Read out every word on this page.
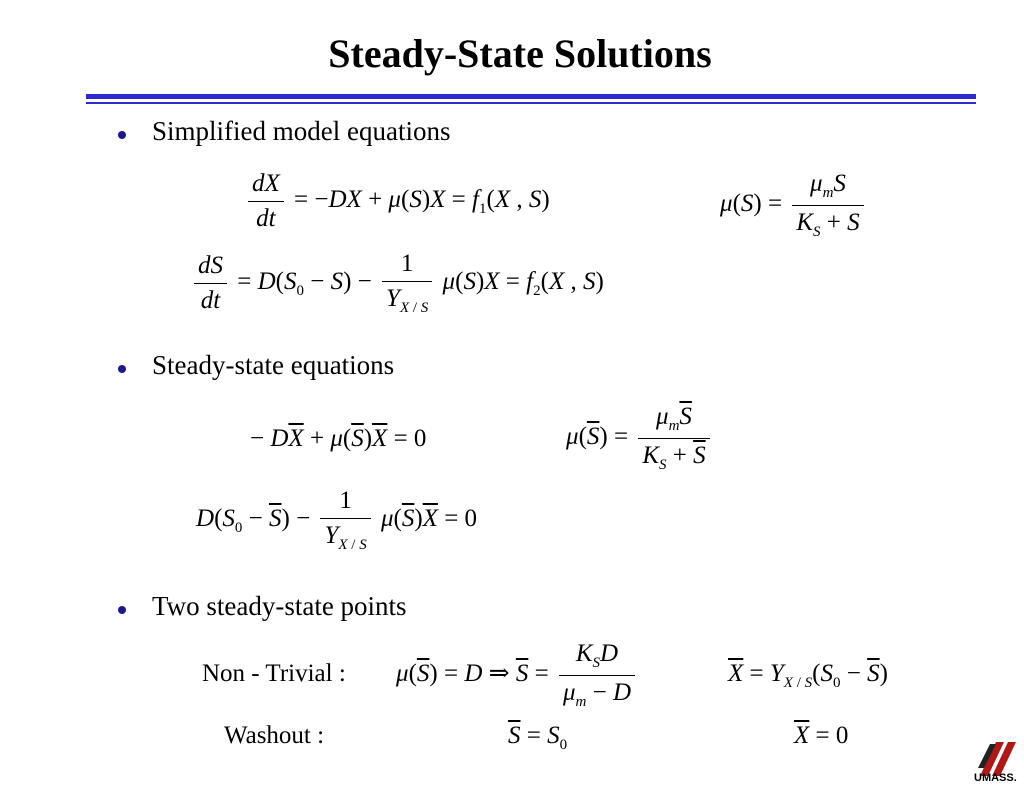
Steady-State Solutions
Simplified model equations
$\frac{dX}{dt} = -DX + \mu(S)X = f_1(X$ , S)	$\mu(S) = \frac{\mu_mS}{K_S + S}$
$\frac{dS}{dt} = D(S_0 - S) - \frac{1}{Y_{X / S}} \mu(S)X = f_2(X$ , S)
Steady-state equations
− $D\overline{X} + \mu(\overline{S})\overline{X} = 0$	$\mu(\overline{S}) = \frac{\mu_m\overline{S}}{K_S + \overline{S}}$
$D(S_0 - \overline{S}) - \frac{1}{Y_{X / S}} \mu(\overline{S})\overline{X} = 0$
Two steady-state points
Non - Trivial : $\mu(\overline{S}) = D$ ⇒ $\overline{S} = \frac{K_SD}{\mu_m - D}$	$\overline{X} = Y_{X / S}(S_0 - \overline{S})$
Washout :	$\overline{S} = S_0$	$\overline{X} = 0$
UMASS.
